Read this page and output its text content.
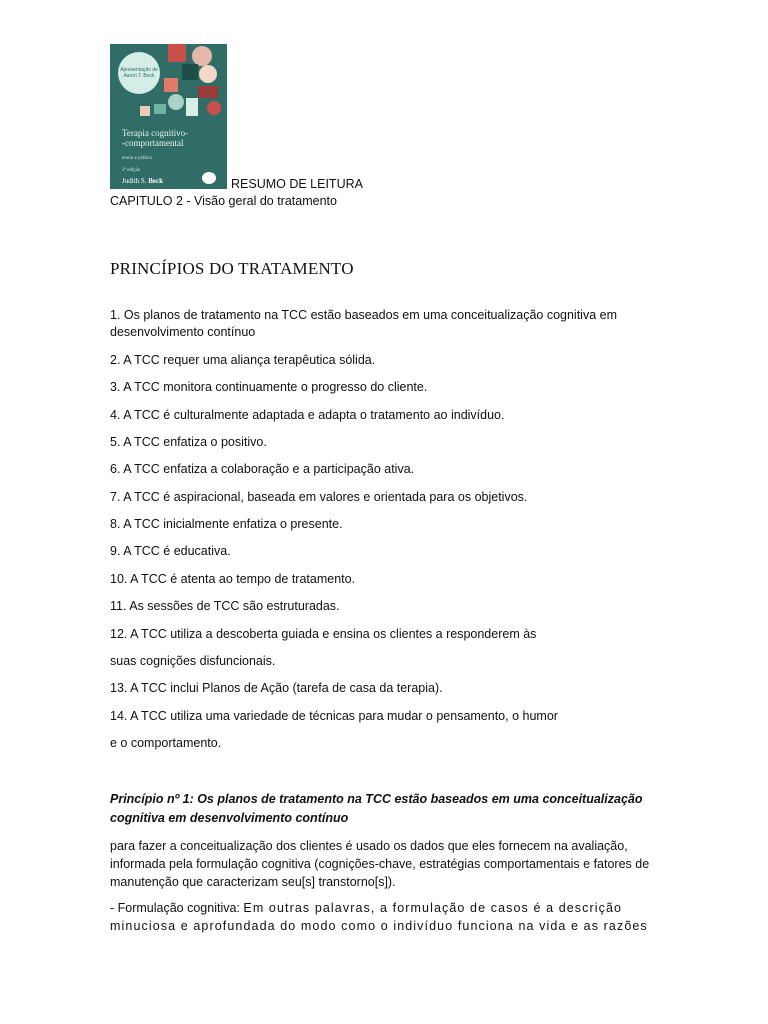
Apresentação de Aaron T. Beck
Terapia cognitivo-
-comportamental
teoria e prática
3ª edição
Judith S. Beck	RESUMO DE LEITURA
CAPITULO 2 - Visão geral do tratamento
PRINCÍPIOS DO TRATAMENTO
1. Os planos de tratamento na TCC estão baseados em uma conceitualização cognitiva em
desenvolvimento contínuo
2. A TCC requer uma aliança terapêutica sólida.
3. A TCC monitora continuamente o progresso do cliente.
4. A TCC é culturalmente adaptada e adapta o tratamento ao indivíduo.
5. A TCC enfatiza o positivo.
6. A TCC enfatiza a colaboração e a participação ativa.
7. A TCC é aspiracional, baseada em valores e orientada para os objetivos.
8. A TCC inicialmente enfatiza o presente.
9. A TCC é educativa.
10. A TCC é atenta ao tempo de tratamento.
11. As sessões de TCC são estruturadas.
12. A TCC utiliza a descoberta guiada e ensina os clientes a responderem às
suas cognições disfuncionais.
13. A TCC inclui Planos de Ação (tarefa de casa da terapia).
14. A TCC utiliza uma variedade de técnicas para mudar o pensamento, o humor
e o comportamento.
Princípio nº 1: Os planos de tratamento na TCC estão baseados em uma conceitualização cognitiva em desenvolvimento contínuo
para fazer a conceitualização dos clientes é usado os dados que eles fornecem na avaliação, informada pela formulação cognitiva (cognições-chave, estratégias comportamentais e fatores de manutenção que caracterizam seu[s] transtorno[s]).
- Formulação cognitiva: Em outras palavras, a formulação de casos é a descrição minuciosa e aprofundada do modo como o indivíduo funciona na vida e as razões
